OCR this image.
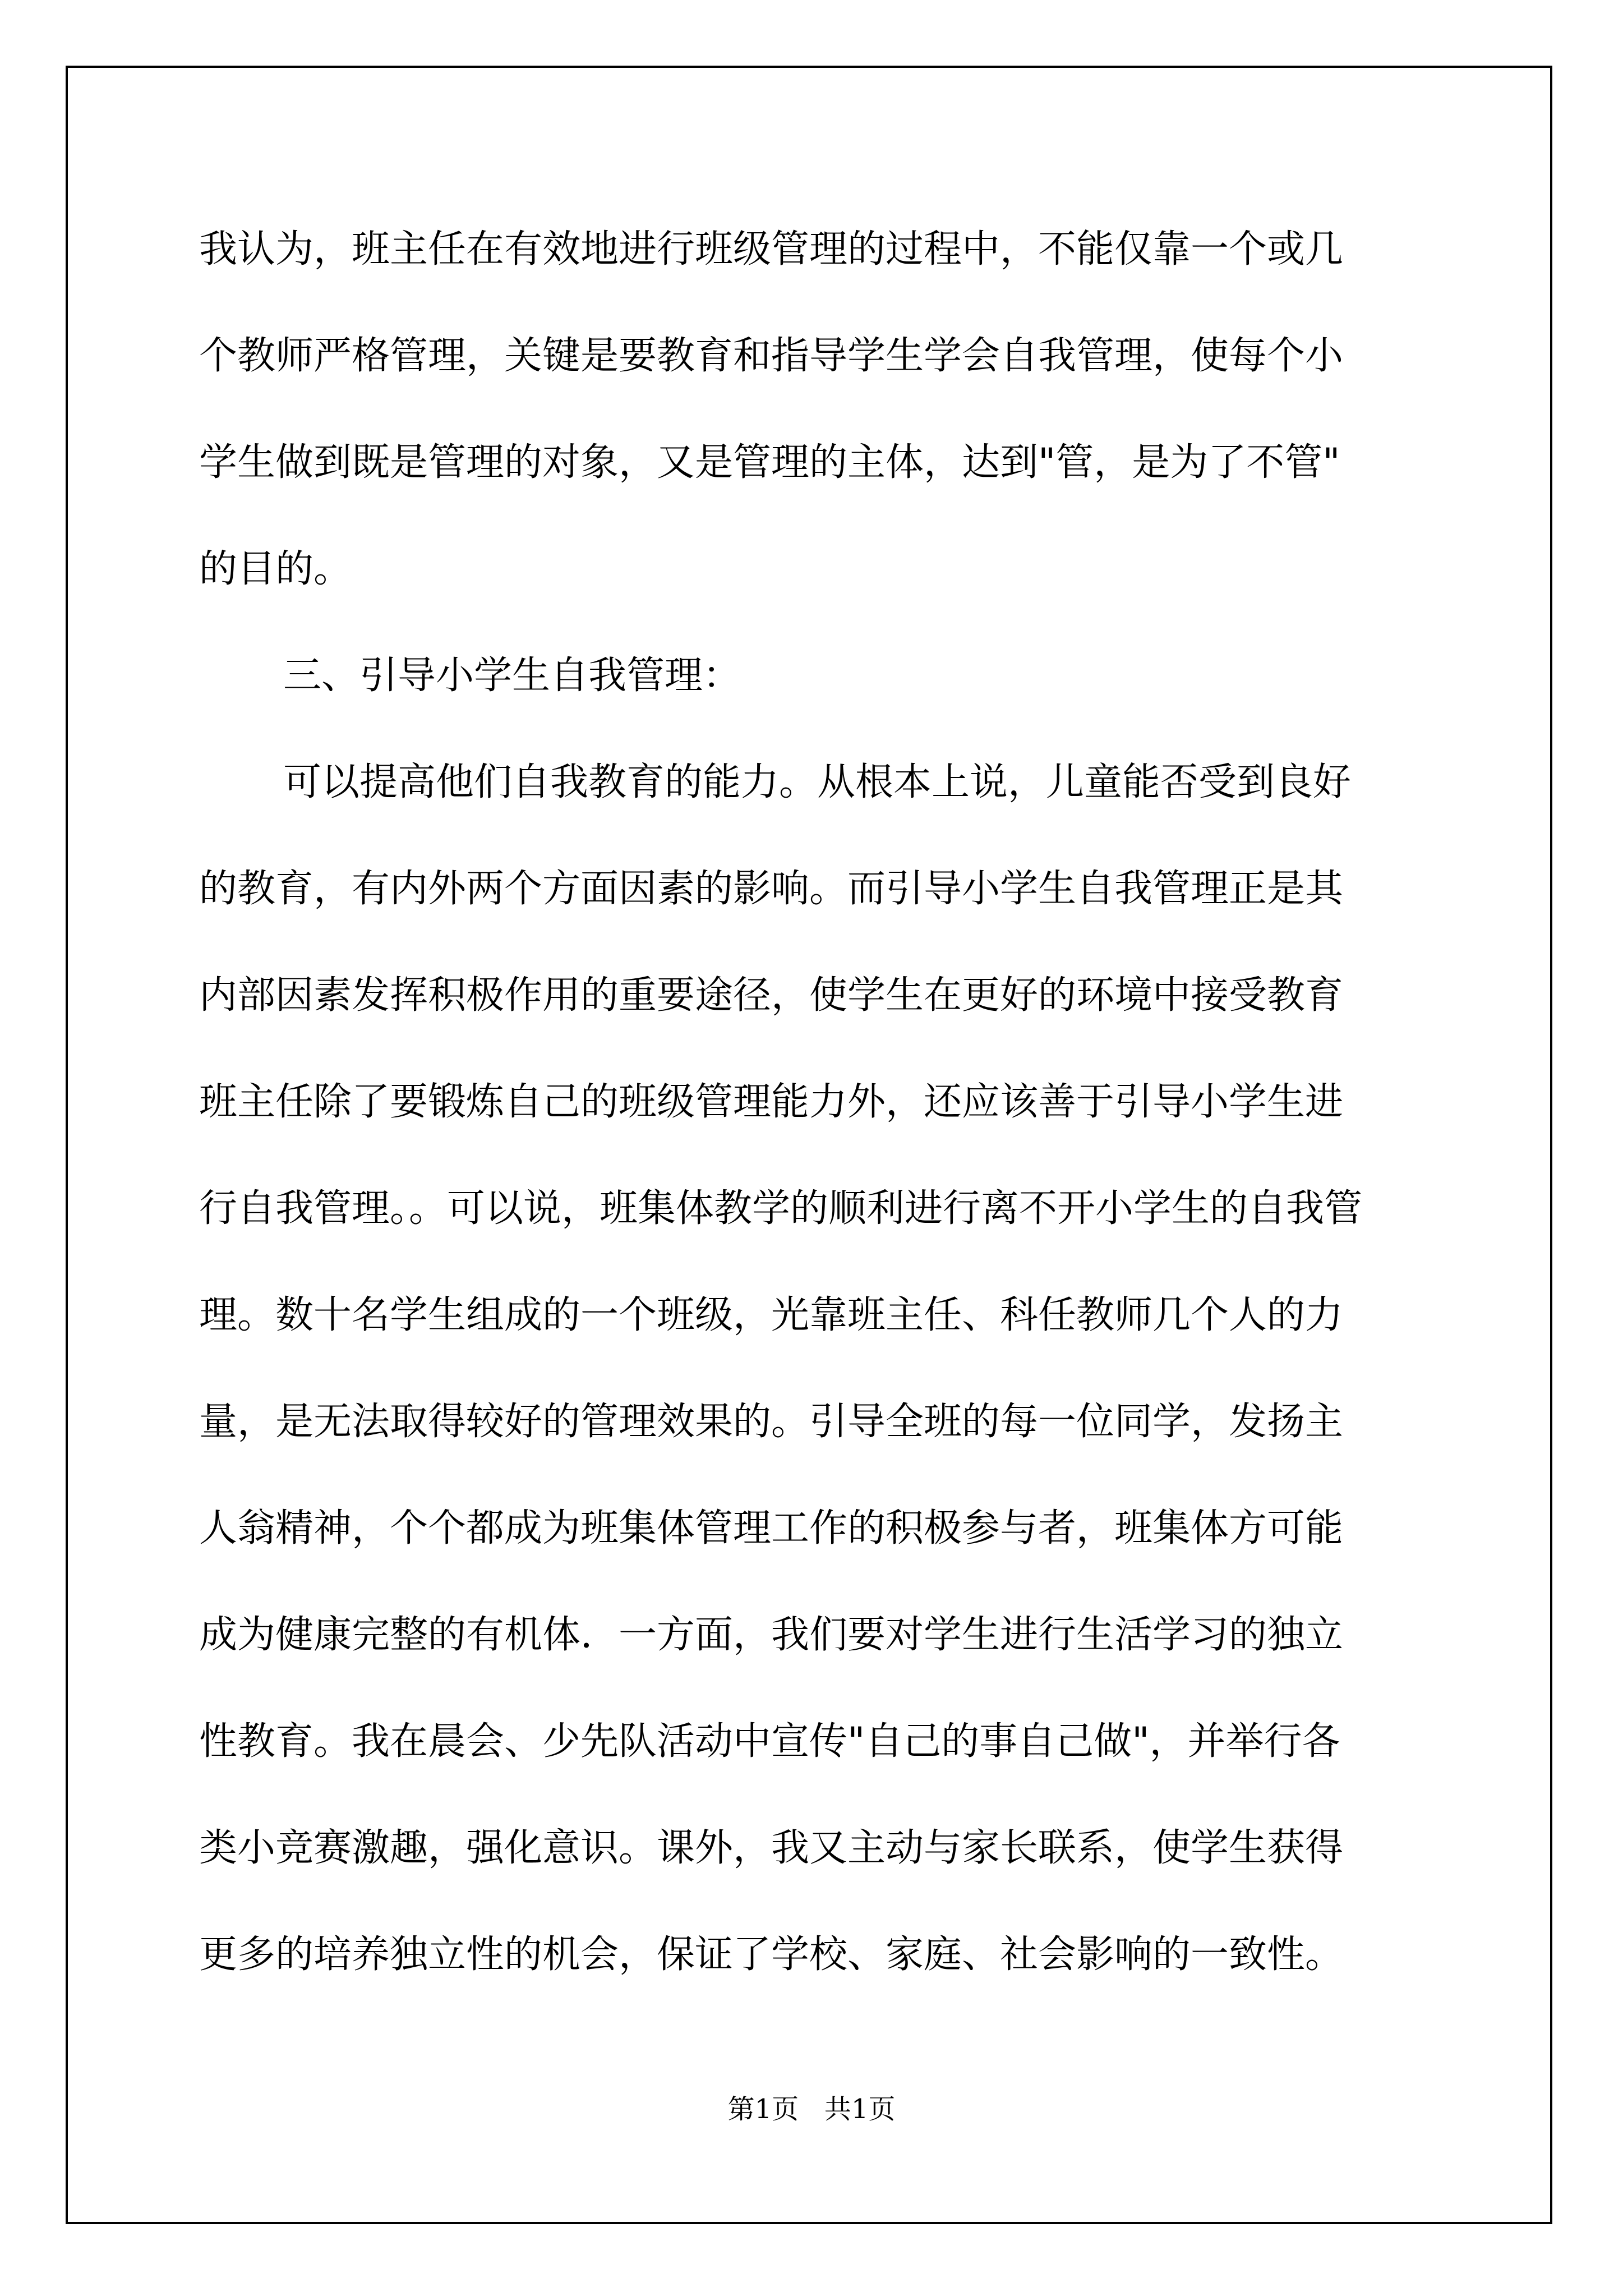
我认为，班主任在有效地进行班级管理的过程中，不能仅靠一个或几
个教师严格管理，关键是要教育和指导学生学会自我管理，使每个小
学生做到既是管理的对象，又是管理的主体，达到"管，是为了不管"
的目的。
三、引导小学生自我管理：
可以提高他们自我教育的能力。从根本上说，儿童能否受到良好
的教育，有内外两个方面因素的影响。而引导小学生自我管理正是其
内部因素发挥积极作用的重要途径，使学生在更好的环境中接受教育
班主任除了要锻炼自己的班级管理能力外，还应该善于引导小学生进
行自我管理。。可以说，班集体教学的顺利进行离不开小学生的自我管
理。数十名学生组成的一个班级，光靠班主任、科任教师几个人的力
量，是无法取得较好的管理效果的。引导全班的每一位同学，发扬主
人翁精神，个个都成为班集体管理工作的积极参与者，班集体方可能
成为健康完整的有机体．一方面，我们要对学生进行生活学习的独立
性教育。我在晨会、少先队活动中宣传"自己的事自己做"，并举行各
类小竞赛激趣，强化意识。课外，我又主动与家长联系，使学生获得
更多的培养独立性的机会，保证了学校、家庭、社会影响的一致性。
第1页   共1页
